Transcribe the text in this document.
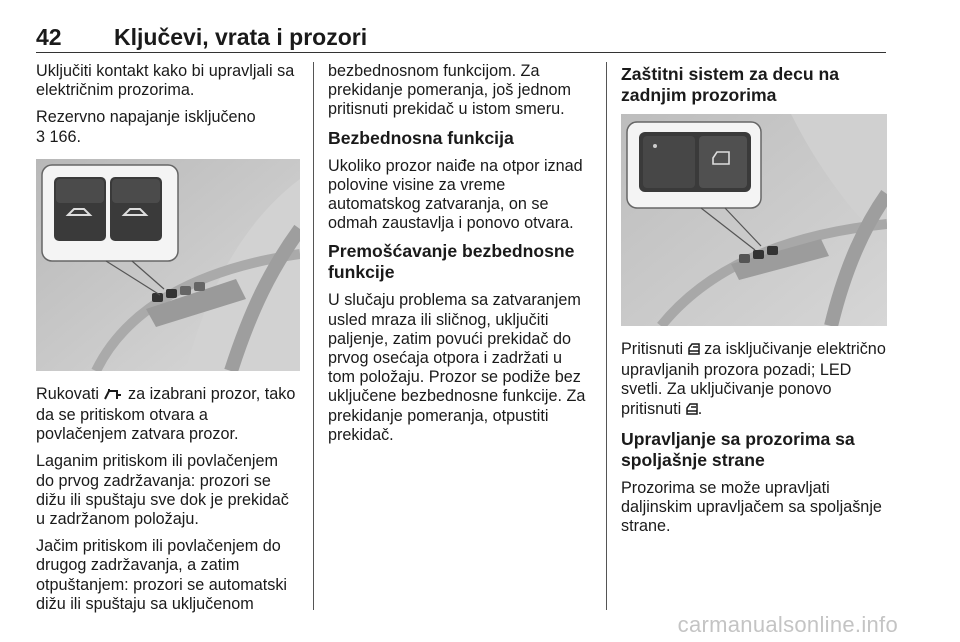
42 Ključevi, vrata i prozori

Uključiti kontakt kako bi upravljali sa električnim prozorima.

Rezervno napajanje isključeno
3 166.

Rukovati za izabrani prozor, tako da se pritiskom otvara a povlačenjem zatvara prozor.

Laganim pritiskom ili povlačenjem do prvog zadržavanja: prozori se dižu ili spuštaju sve dok je prekidač u zadržanom položaju.

Jačim pritiskom ili povlačenjem do drugog zadržavanja, a zatim otpuštanjem: prozori se automatski dižu ili spuštaju sa uključenom

bezbednosnom funkcijom. Za prekidanje pomeranja, još jednom pritisnuti prekidač u istom smeru.

Bezbednosna funkcija

Ukoliko prozor naiđe na otpor iznad polovine visine za vreme automatskog zatvaranja, on se odmah zaustavlja i ponovo otvara.

Premošćavanje bezbednosne funkcije

U slučaju problema sa zatvaranjem usled mraza ili sličnog, uključiti paljenje, zatim povući prekidač do prvog osećaja otpora i zadržati u tom položaju. Prozor se podiže bez uključene bezbednosne funkcije. Za prekidanje pomeranja, otpustiti prekidač.

Zaštitni sistem za decu na zadnjim prozorima

Pritisnuti za isključivanje električno upravljanih prozora pozadi; LED svetli. Za uključivanje ponovo pritisnuti .

Upravljanje sa prozorima sa spoljašnje strane

Prozorima se može upravljati daljinskim upravljačem sa spoljašnje strane.

carmanualsonline.info
